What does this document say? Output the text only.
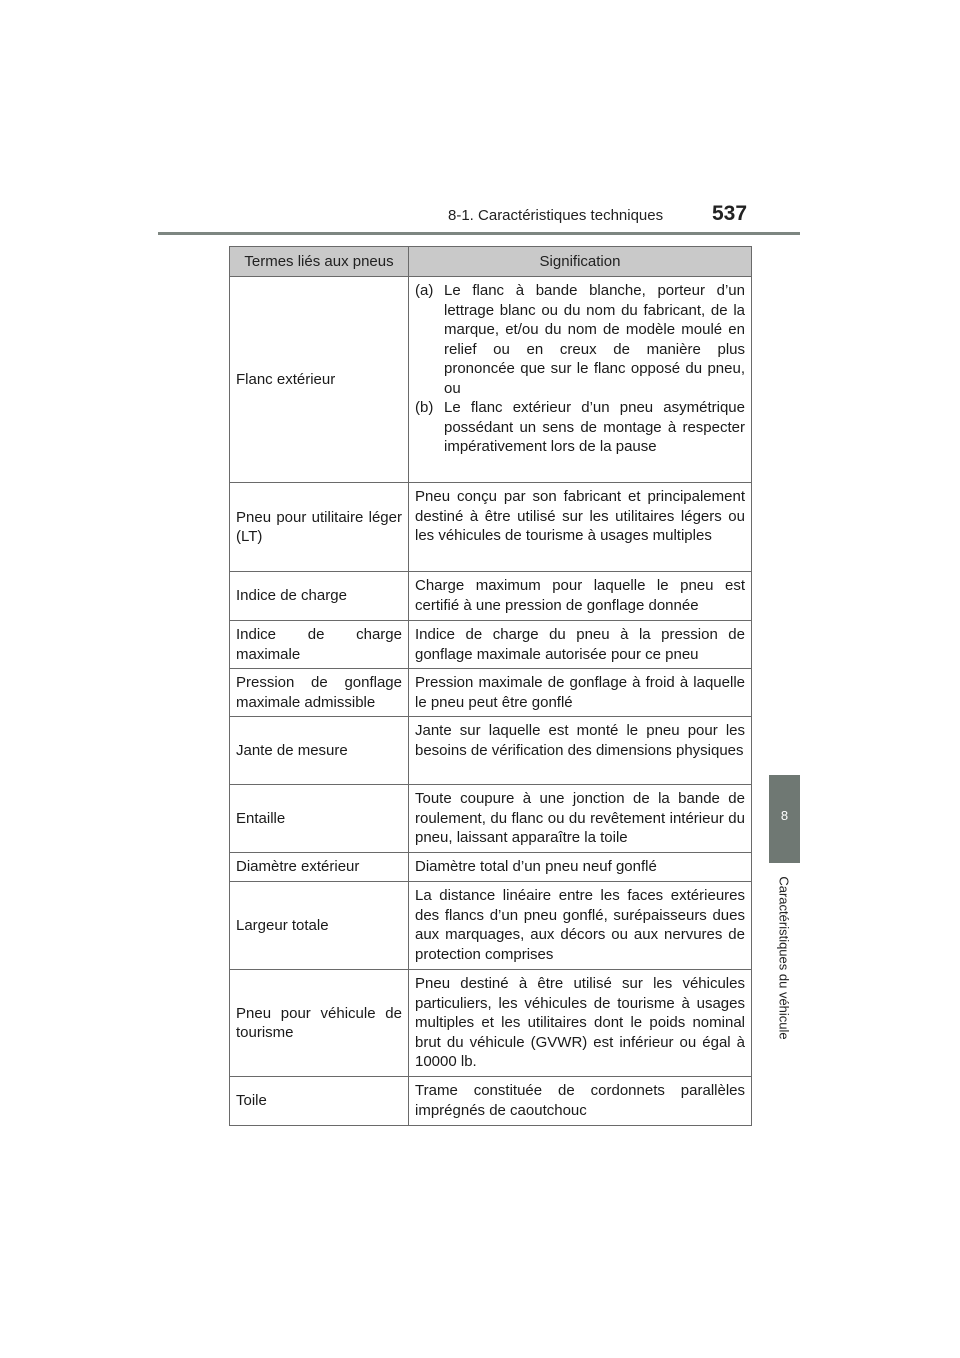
8-1. Caractéristiques techniques 537
8
Caractéristiques du véhicule
Termes liés aux pneus	Signification
Flanc extérieur	(a) Le flanc à bande blanche, porteur d’un lettrage blanc ou du nom du fabricant, de la marque, et/ou du nom de modèle moulé en relief ou en creux de manière plus prononcée que sur le flanc opposé du pneu, ou
(b) Le flanc extérieur d’un pneu asymétrique possédant un sens de montage à respecter impérativement lors de la pause

Pneu pour utilitaire léger (LT)	Pneu conçu par son fabricant et principalement destiné à être utilisé sur les utilitaires légers ou les véhicules de tourisme à usages multiples
Indice de charge	Charge maximum pour laquelle le pneu est certifié à une pression de gonflage donnée
Indice de charge maximale	Indice de charge du pneu à la pression de gonflage maximale autorisée pour ce pneu
Pression de gonflage maximale admissible	Pression maximale de gonflage à froid à laquelle le pneu peut être gonflé
Jante de mesure	Jante sur laquelle est monté le pneu pour les besoins de vérification des dimensions physiques
Entaille	Toute coupure à une jonction de la bande de roulement, du flanc ou du revêtement intérieur du pneu, laissant apparaître la toile
Diamètre extérieur	Diamètre total d’un pneu neuf gonflé
Largeur totale	La distance linéaire entre les faces extérieures des flancs d’un pneu gonflé, surépaisseurs dues aux marquages, aux décors ou aux nervures de protection comprises
Pneu pour véhicule de tourisme	Pneu destiné à être utilisé sur les véhicules particuliers, les véhicules de tourisme à usages multiples et les utilitaires dont le poids nominal brut du véhicule (GVWR) est inférieur ou égal à 10000 lb.
Toile	Trame constituée de cordonnets parallèles imprégnés de caoutchouc
